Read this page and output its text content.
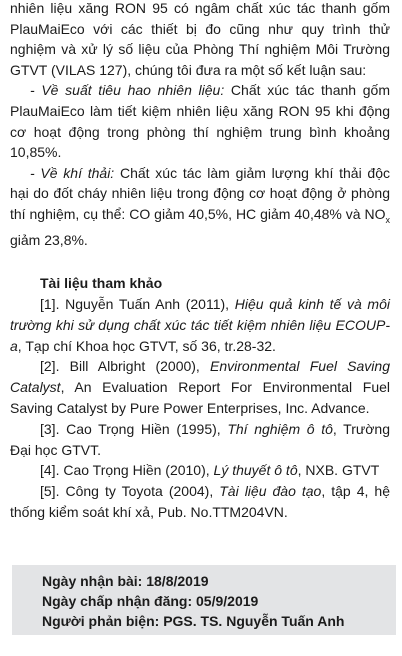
nhiên liệu xăng RON 95 có ngâm chất xúc tác thanh gốm PlauMaiEco với các thiết bị đo cũng như quy trình thử nghiệm và xử lý số liệu của Phòng Thí nghiệm Môi Trường GTVT (VILAS 127), chúng tôi đưa ra một số kết luận sau:

- Về suất tiêu hao nhiên liệu: Chất xúc tác thanh gốm PlauMaiEco làm tiết kiệm nhiên liệu xăng RON 95 khi động cơ hoạt động trong phòng thí nghiệm trung bình khoảng 10,85%.

- Về khí thải: Chất xúc tác làm giảm lượng khí thải độc hại do đốt cháy nhiên liệu trong động cơ hoạt động ở phòng thí nghiệm, cụ thể: CO giảm 40,5%, HC giảm 40,48% và $NO_x$ giảm 23,8%.

Tài liệu tham khảo

[1]. Nguyễn Tuấn Anh (2011), Hiệu quả kinh tế và môi trường khi sử dụng chất xúc tác tiết kiệm nhiên liệu ECOUP-a, Tạp chí Khoa học GTVT, số 36, tr.28-32.

[2]. Bill Albright (2000), Environmental Fuel Saving Catalyst, An Evaluation Report For Environmental Fuel Saving Catalyst by Pure Power Enterprises, Inc. Advance.

[3]. Cao Trọng Hiền (1995), Thí nghiệm ô tô, Trường Đại học GTVT.

[4]. Cao Trọng Hiền (2010), Lý thuyết ô tô, NXB. GTVT

[5]. Công ty Toyota (2004), Tài liệu đào tạo, tập 4, hệ thống kiểm soát khí xả, Pub. No.TTM204VN.

Ngày nhận bài: 18/8/2019

Ngày chấp nhận đăng: 05/9/2019

Người phản biện: PGS. TS. Nguyễn Tuấn Anh
